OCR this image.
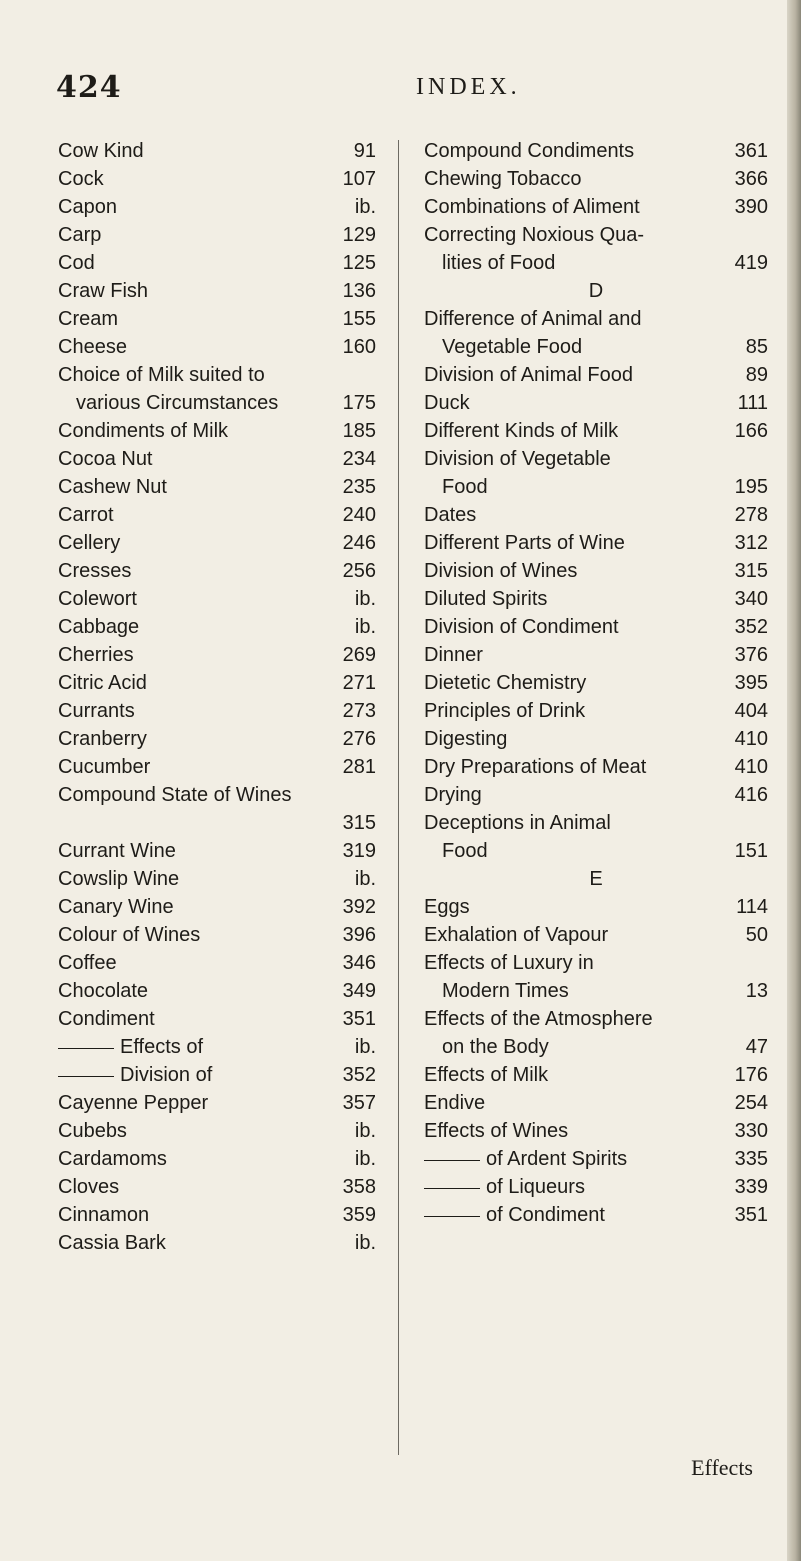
424	INDEX.
Cow Kind	91
Cock	107
Capon	ib.
Carp	129
Cod	125
Craw Fish	136
Cream	155
Cheese	160
Choice of Milk suited to
various Circumstances	175
Condiments of Milk	185
Cocoa Nut	234
Cashew Nut	235
Carrot	240
Cellery	246
Cresses	256
Colewort	ib.
Cabbage	ib.
Cherries	269
Citric Acid	271
Currants	273
Cranberry	276
Cucumber	281
Compound State of Wines
315
Currant Wine	319
Cowslip Wine	ib.
Canary Wine	392
Colour of Wines	396
Coffee	346
Chocolate	349
Condiment	351
Effects of	ib.
Division of	352
Cayenne Pepper	357
Cubebs	ib.
Cardamoms	ib.
Cloves	358
Cinnamon	359
Cassia Bark	ib.
Compound Condiments	361
Chewing Tobacco	366
Combinations of Aliment	390
Correcting Noxious Qua-
lities of Food	419
D
Difference of Animal and
Vegetable Food	85
Division of Animal Food	89
Duck	111
Different Kinds of Milk	166
Division of Vegetable
Food	195
Dates	278
Different Parts of Wine	312
Division of Wines	315
Diluted Spirits	340
Division of Condiment	352
Dinner	376
Dietetic Chemistry	395
Principles of Drink	404
Digesting	410
Dry Preparations of Meat	410
Drying	416
Deceptions in Animal
Food	151
E
Eggs	114
Exhalation of Vapour	50
Effects of Luxury in
Modern Times	13
Effects of the Atmosphere
on the Body	47
Effects of Milk	176
Endive	254
Effects of Wines	330
of Ardent Spirits	335
of Liqueurs	339
of Condiment	351
Effects
